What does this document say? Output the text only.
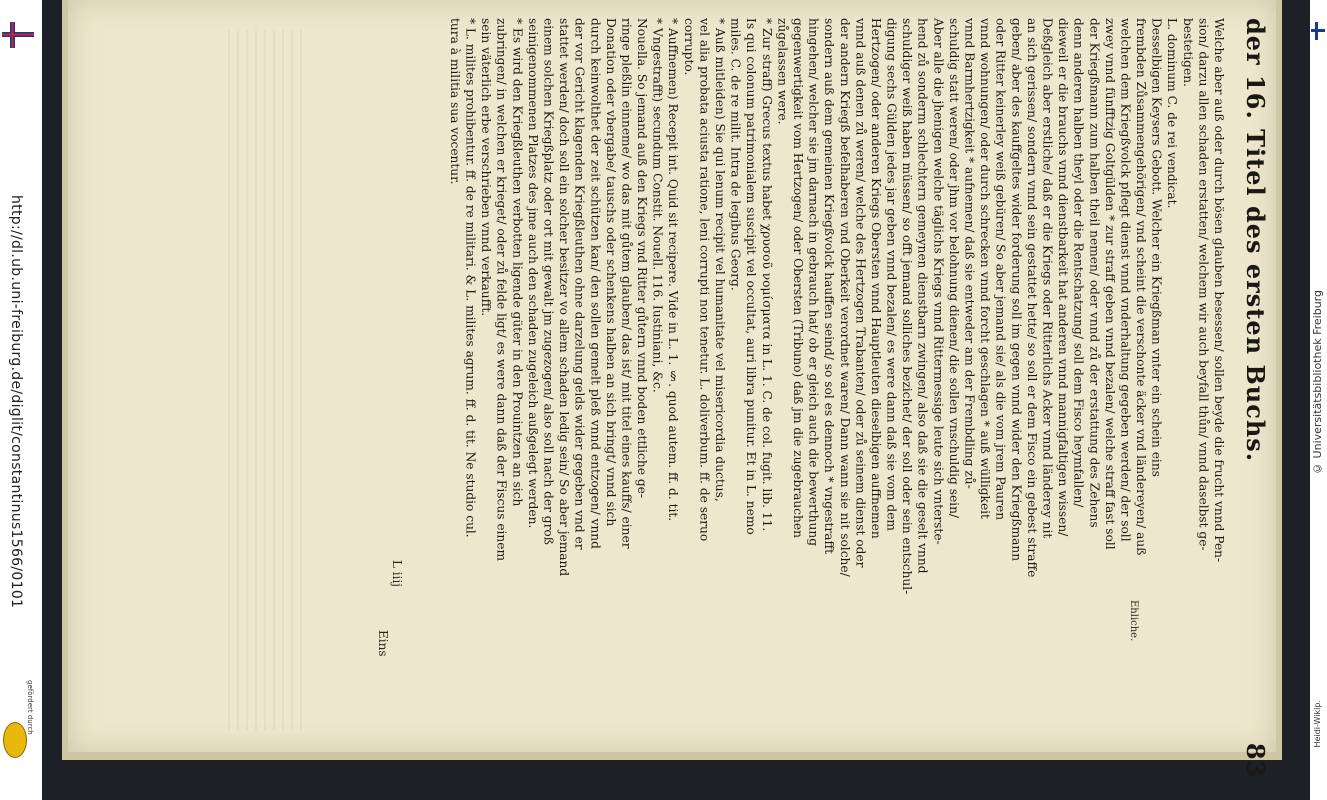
http://dl.ub.uni-freiburg.de/diglit/constantinus1566/0101
gefördert durch
© Universitätsbibliothek Freiburg
Heidi-Wikip.

der 16. Titel des ersten Buchs.                              83

Welche aber auß oder durch bösen glauben besessen/ sollen beyde die frucht vnnd Pen-

sion/ darzu allen schaden erstatten/ welchem wir auch beyfall thůn/ vnnd daselbst ge-

bestetigen.

L. dominum C. de rei vendicat.

Desselbigen Keysers Gebott. Welcher ein Kriegßman vnter ein schein eins

frembden Zůsammengehörigen/ vnd scheint die verschonte äcker vnd ländereyen/ auß

welchen dem Kriegßvolck pflegt dienst vnnd vnderhaltung gegeben werden/ der soll

zwey vnnd fünfftzig Goltgülden * zur straff geben vnnd bezalen/ welche straff fast soll

der Kriegßmann zum halben theil nemen/ oder vnnd zů der erstattung des Zehens

denn anderen halben theyl oder die Rentschatzung/ soll dem Fisco heymfallen/

dieweil er die brauchs vnnd dienstbarkeit hat anderen vnnd mannigfaltigen wissen/

Deßgleich aber erstliche/ daß er die Kriegs oder Ritterlichs Acker vnnd länderey nit

an sich gerissen/ sondern vnnd sein gestattet hette/ so soll er dem Fisco ein gebest straffe

geben/ aber des kauffgeltes wider forderung soll im gegen vnnd wider den Kriegßmann

oder Ritter keinerley weiß gebüren/ So aber jemand sie/ als die vom jrem Pauren

vnnd wohnungen/ oder durch schrecken vnnd forcht geschlagen * auß wülligkeit

vnnd Barmhertzigkeit * aufnemen/ daß sie entweder am der Frembdling zů-

schuldig statt weren/ oder jhm vor belohnung dienen/ die sollen vnschuldig sein/

Aber alle die jhenigen welche täglichs Kriegs vnnd Rittermessige leute sich vnterste-

hend zů sonderm schlechtern gemeynen dienstbarn zwingen/ also daß sie die geselt vnnd

schuldiger weiß haben müssen/ so offt jemand solliches bezichet/ der soll oder sein entschul-

digung sechs Gülden jedes jar geben vnnd bezalen/ es were dann daß sie vom dem

Hertzogen/ oder anderen Kriegs Obersten vnnd Hauptleuten dieselbigen auffnemen

vnnd auß denen zů weren/ welche des Hertzogen Trabanten/ oder zů seinem dienst oder

der andern Kriegß befelhaberen vnd Oberkeit verordnet waren/ Dann wann sie nit solche/

sondern auß dem gemeinen Kriegßvolck hauffen seind/ so sol es dennoch * vngestrafft

hingehen/ welcher sie jm darnach in gebrauch hat/ ob er gleich auch die bewerthung

gegenwertigkeit vom Hertzogen/ oder Obersten (Tribuno) daß jm die zugebrauchen

zůgelassen were.

* Zur straff) Grecus textus habet χρυσοῦ νομίσματα in L. 1. C. de col. fugit. lib. 11.

Is qui colonum patrimonialem suscipit vel occultat, auri libra punitur. Et in L. nemo

miles. C. de re milit. Intra de legibus Georg.

* Auß mitleiden) Sie qui lenum recipit vel humanitate vel misericordia ductus,

vel alia probata aciusta ratione, leni corrupti non tenetur. L. doliverbum. ff. de seruo

corrupto.

* Auffnemen) Recepit int. Quid sit recipere. Vide in L. 1. §. quod autem. ff. d. tit.

* Vngestrafft) secundum Constit. Nouell. 116. Iustiniani, &c.

Nouella. So jemand auß den Kriegs vnd Ritter gůtern vnnd boden ettliche ge-

ringe pleßlin einneme/ wo das mit gůtem glauben/ das ist/ mit titel eines kauffs/ einer

Donation oder vbergabe/ tauschs oder schenkens halben an sich bringt/ vnnd sich

durch keinwolthet der zeit schützen kan/ den sollen gemelt pleß vnnd entzogen/ vnnd

der vor Gericht klagenden Kriegßleuthen ohne darzelung gelds wider gegeben vnd er

stattet werden/ doch soll ein solcher besitzer vo allem schaden ledig sein/ So aber jemand

einem solchen Kriegßplatz oder ort mit gewalt jm zugezogen/ also soll nach der groß

seinigenommenen Platzes des jme auch den schaden zugeleich außgelegt werden.

* Es wird den Kriegßleuthen verbotten ligende güter in den Prouintzen an sich

zubringen/ in welchen er krieget/ oder zů felde ligt/ es were dann daß der Fiscus einem

sein väterlich erbe verschrieben vnnd verkaufft.

* L. milites prohibentur. ff. de re militari. & L. milites agrum. ff. d. tit. Ne studio cul.

tura à militia sua vocentur.

Ehliche.
L iiij
Eins
